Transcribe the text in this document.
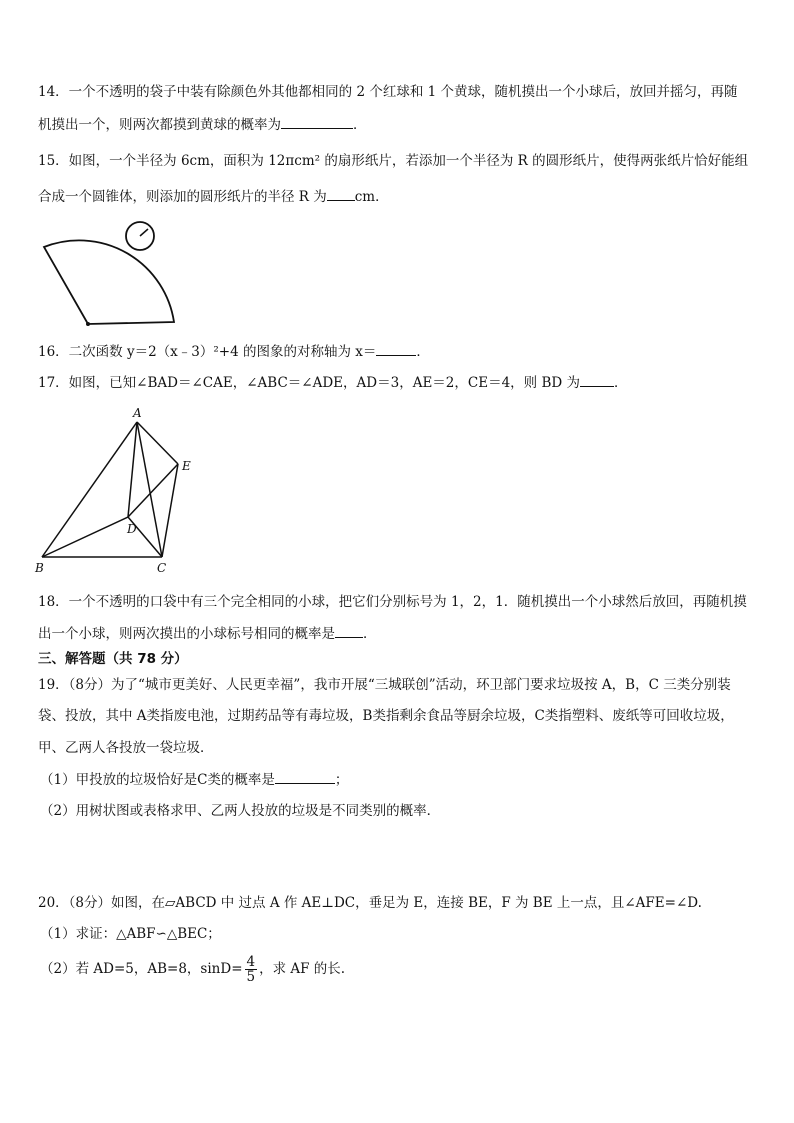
14．一个不透明的袋子中装有除颜色外其他都相同的 2 个红球和 1 个黄球，随机摸出一个小球后，放回并摇匀，再随
机摸出一个，则两次都摸到黄球的概率为	．
15．如图，一个半径为 6cm，面积为 12πcm² 的扇形纸片，若添加一个半径为 R 的圆形纸片，使得两张纸片恰好能组
合成一个圆锥体，则添加的圆形纸片的半径 R 为 cm．
16．二次函数 y＝2（x﹣3）²+4 的图象的对称轴为 x＝	．
17．如图，已知∠BAD＝∠CAE，∠ABC＝∠ADE，AD＝3，AE＝2，CE＝4，则 BD 为	．
A
B	C
D
E
18．一个不透明的口袋中有三个完全相同的小球，把它们分别标号为 1，2，1．随机摸出一个小球然后放回，再随机摸
出一个小球，则两次摸出的小球标号相同的概率是 ．
三、解答题（共 78 分）
19．（8分）为了“城市更美好、人民更幸福”，我市开展“三城联创”活动，环卫部门要求垃圾按 A，B，C 三类分别装
袋、投放，其中 A类指废电池，过期药品等有毒垃圾，B类指剩余食品等厨余垃圾，C类指塑料、废纸等可回收垃圾，
甲、乙两人各投放一袋垃圾．
（1）甲投放的垃圾恰好是C类的概率是	；
（2）用树状图或表格求甲、乙两人投放的垃圾是不同类别的概率．
20．（8分）如图，在▱ABCD 中 过点 A 作 AE⊥DC，垂足为 E，连接 BE，F 为 BE 上一点，且∠AFE=∠D.
（1）求证：△ABF∽△BEC；
（2）若 AD=5，AB=8，$\sin D= \frac{4}{5}$ ，求 AF 的长.
